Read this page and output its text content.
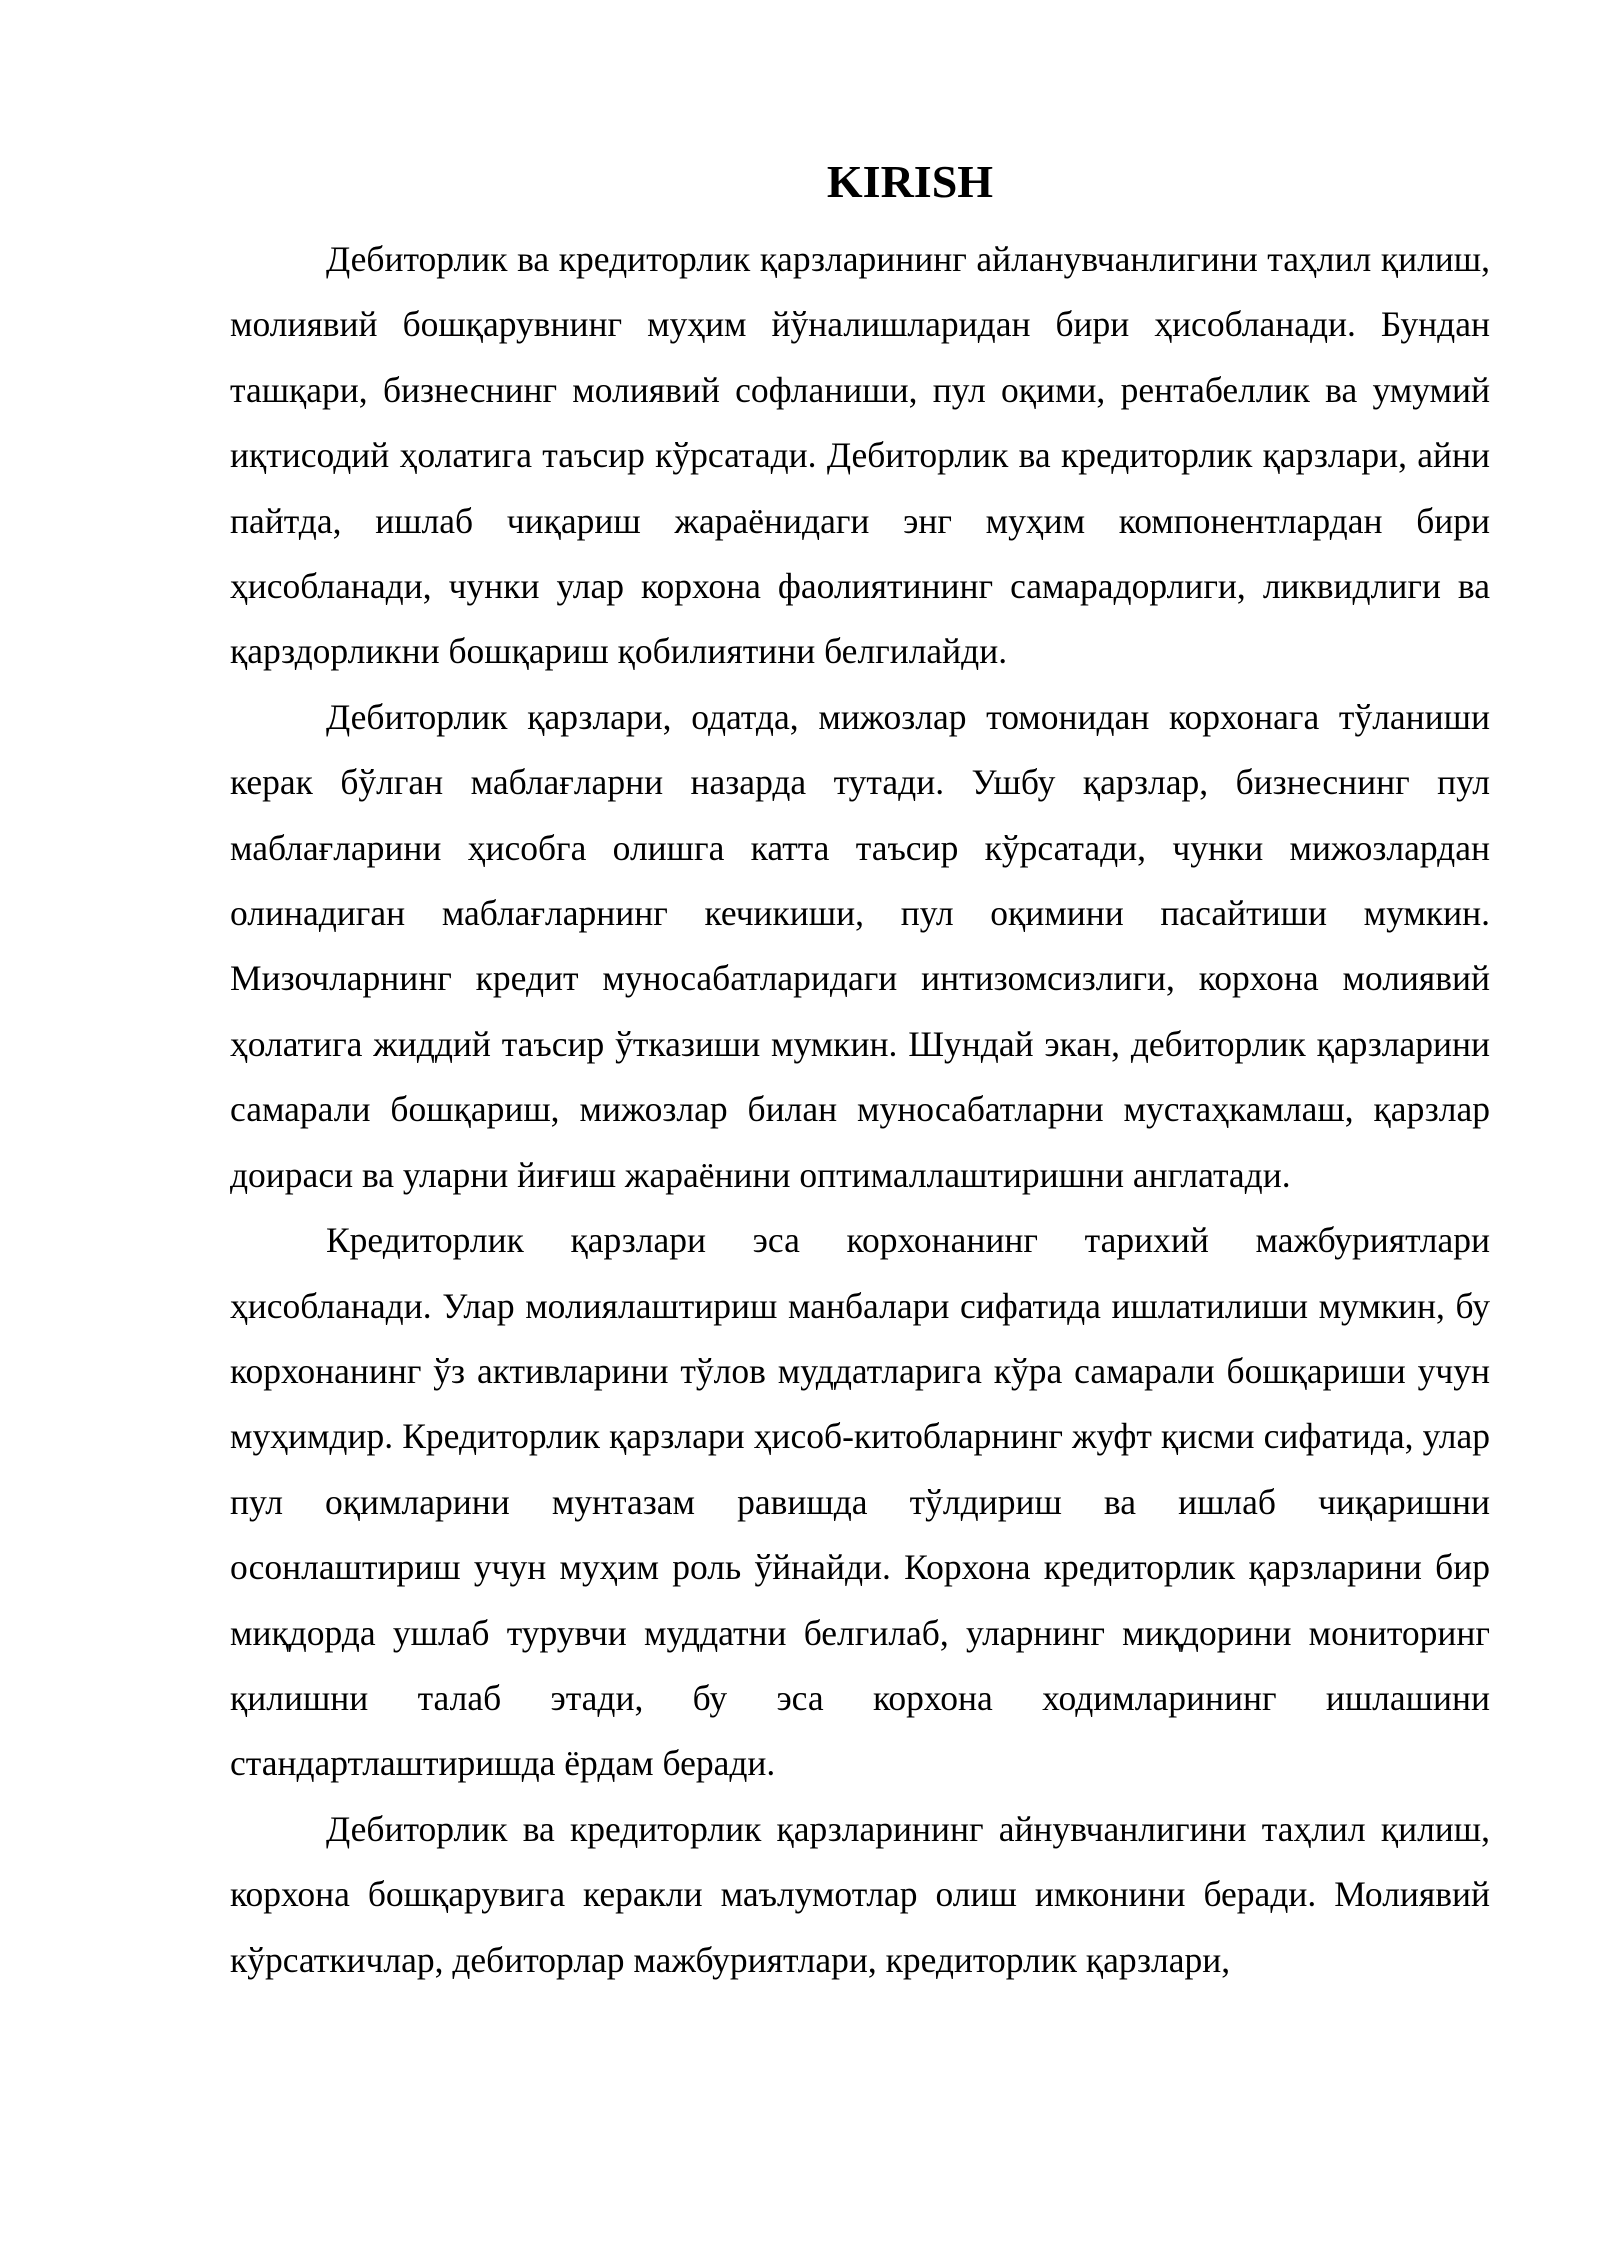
KIRISH

Дебиторлик ва кредиторлик қарзларининг айланувчанлигини таҳлил қилиш, молиявий бошқарувнинг муҳим йўналишларидан бири ҳисобланади. Бундан ташқари, бизнеснинг молиявий софланиши, пул оқими, рентабеллик ва умумий иқтисодий ҳолатига таъсир кўрсатади. Дебиторлик ва кредиторлик қарзлари, айни пайтда, ишлаб чиқариш жараёнидаги энг муҳим компонентлардан бири ҳисобланади, чунки улар корхона фаолиятининг самарадорлиги, ликвидлиги ва қарздорликни бошқариш қобилиятини белгилайди.

Дебиторлик қарзлари, одатда, мижозлар томонидан корхонага тўланиши керак бўлган маблағларни назарда тутади. Ушбу қарзлар, бизнеснинг пул маблағларини ҳисобга олишга катта таъсир кўрсатади, чунки мижозлардан олинадиган маблағларнинг кечикиши, пул оқимини пасайтиши мумкин. Мизочларнинг кредит муносабатларидаги интизомсизлиги, корхона молиявий ҳолатига жиддий таъсир ўтказиши мумкин. Шундай экан, дебиторлик қарзларини самарали бошқариш, мижозлар билан муносабатларни мустаҳкамлаш, қарзлар доираси ва уларни йиғиш жараёнини оптималлаштиришни англатади.

Кредиторлик қарзлари эса корхонанинг тарихий мажбуриятлари ҳисобланади. Улар молиялаштириш манбалари сифатида ишлатилиши мумкин, бу корхонанинг ўз активларини тўлов муддатларига кўра самарали бошқариши учун муҳимдир. Кредиторлик қарзлари ҳисоб-китобларнинг жуфт қисми сифатида, улар пул оқимларини мунтазам равишда тўлдириш ва ишлаб чиқаришни осонлаштириш учун муҳим роль ўйнайди. Корхона кредиторлик қарзларини бир миқдорда ушлаб турувчи муддатни белгилаб, уларнинг миқдорини мониторинг қилишни талаб этади, бу эса корхона ходимларининг ишлашини стандартлаштиришда ёрдам беради.

Дебиторлик ва кредиторлик қарзларининг айнувчанлигини таҳлил қилиш, корхона бошқарувига керакли маълумотлар олиш имконини беради. Молиявий кўрсаткичлар, дебиторлар мажбуриятлари, кредиторлик қарзлари,
